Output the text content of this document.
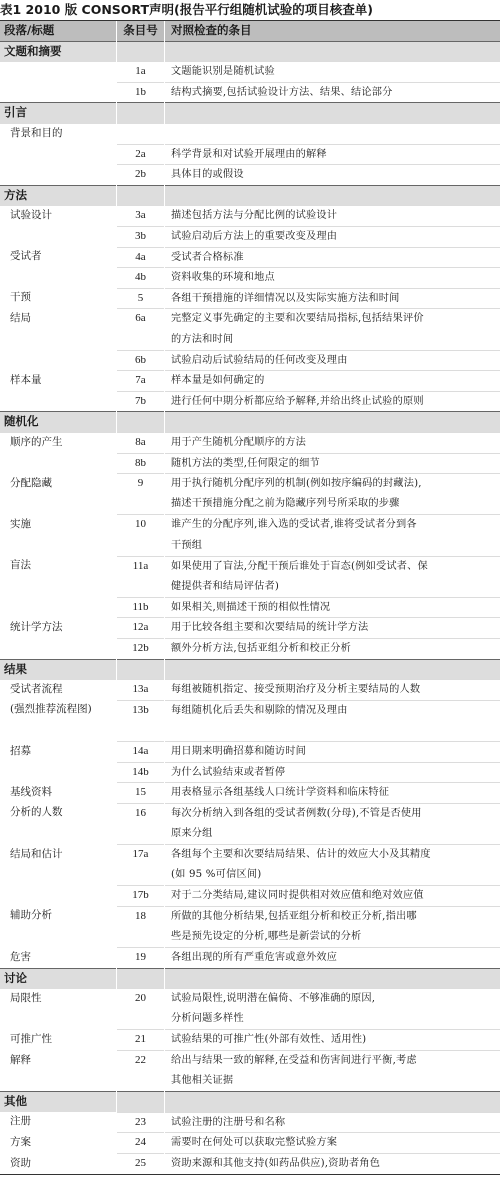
表1 2010 版 CONSORT声明(报告平行组随机试验的项目核查单)
段落/标题	条目号	对照检查的条目
文题和摘要		
	1a	文题能识别是随机试验
	1b	结构式摘要,包括试验设计方法、结果、结论部分
引言		
背景和目的		
	2a	科学背景和对试验开展理由的解释
	2b	具体目的或假设
方法		
试验设计	3a	描述包括方法与分配比例的试验设计
	3b	试验启动后方法上的重要改变及理由
受试者	4a	受试者合格标准
	4b	资料收集的环境和地点
干预	5	各组干预措施的详细情况以及实际实施方法和时间
结局	6a	完整定义事先确定的主要和次要结局指标,包括结果评价
		的方法和时间
	6b	试验启动后试验结局的任何改变及理由
样本量	7a	样本量是如何确定的
	7b	进行任何中期分析都应给予解释,并给出终止试验的原则
随机化		
顺序的产生	8a	用于产生随机分配顺序的方法
	8b	随机方法的类型,任何限定的细节
分配隐藏	9	用于执行随机分配序列的机制(例如按序编码的封藏法),
		描述干预措施分配之前为隐藏序列号所采取的步骤
实施	10	谁产生的分配序列,谁入选的受试者,谁将受试者分到各
		干预组
盲法	11a	如果使用了盲法,分配干预后谁处于盲态(例如受试者、保
		健提供者和结局评估者)
	11b	如果相关,则描述干预的相似性情况
统计学方法	12a	用于比较各组主要和次要结局的统计学方法
	12b	额外分析方法,包括亚组分析和校正分析
结果		
受试者流程	13a	每组被随机指定、接受预期治疗及分析主要结局的人数
(强烈推荐流程图)	13b	每组随机化后丢失和剔除的情况及理由

招募	14a	用日期来明确招募和随访时间
	14b	为什么试验结束或者暂停
基线资料	15	用表格显示各组基线人口统计学资料和临床特征
分析的人数	16	每次分析纳入到各组的受试者例数(分母),不管是否使用
		原来分组
结局和估计	17a	各组每个主要和次要结局结果、估计的效应大小及其精度
		(如 95 %可信区间)
	17b	对于二分类结局,建议同时提供相对效应值和绝对效应值
辅助分析	18	所做的其他分析结果,包括亚组分析和校正分析,指出哪
		些是预先设定的分析,哪些是新尝试的分析
危害	19	各组出现的所有严重危害或意外效应
讨论		
局限性	20	试验局限性,说明潜在偏倚、不够准确的原因,
		分析问题多样性
可推广性	21	试验结果的可推广性(外部有效性、适用性)
解释	22	给出与结果一致的解释,在受益和伤害间进行平衡,考虑
		其他相关证据
其他		
注册	23	试验注册的注册号和名称
方案	24	需要时在何处可以获取完整试验方案
资助	25	资助来源和其他支持(如药品供应),资助者角色
